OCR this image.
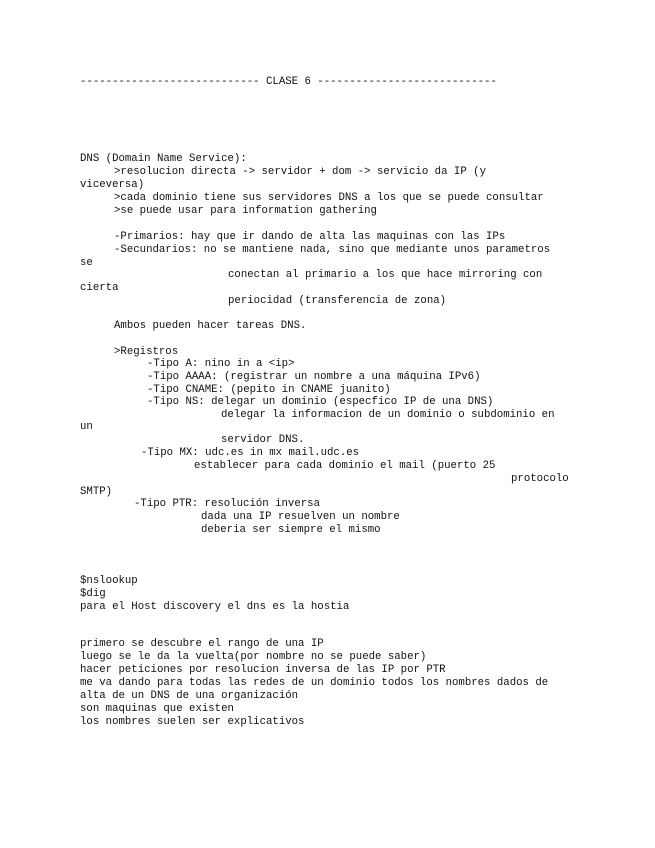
---------------------------- CLASE 6 ----------------------------
DNS (Domain Name Service):
>resolucion directa -> servidor + dom -> servicio da IP (y
viceversa)
>cada dominio tiene sus servidores DNS a los que se puede consultar
>se puede usar para information gathering
-Primarios: hay que ir dando de alta las maquinas con las IPs
-Secundarios: no se mantiene nada, sino que mediante unos parametros
se
conectan al primario a los que hace mirroring con
cierta
periocidad (transferencia de zona)
Ambos pueden hacer tareas DNS.
>Registros
-Tipo A: nino in a <ip>
-Tipo AAAA: (registrar un nombre a una máquina IPv6)
-Tipo CNAME: (pepito in CNAME juanito)
-Tipo NS: delegar un dominio (especfico IP de una DNS)
delegar la informacion de un dominio o subdominio en
un
servidor DNS.
-Tipo MX: udc.es in mx mail.udc.es
establecer para cada dominio el mail (puerto 25
protocolo
SMTP)
-Tipo PTR: resolución inversa
dada una IP resuelven un nombre
deberia ser siempre el mismo
$nslookup
$dig
para el Host discovery el dns es la hostia
primero se descubre el rango de una IP
luego se le da la vuelta(por nombre no se puede saber)
hacer peticiones por resolucion inversa de las IP por PTR
me va dando para todas las redes de un dominio todos los nombres dados de
alta de un DNS de una organización
son maquinas que existen
los nombres suelen ser explicativos
